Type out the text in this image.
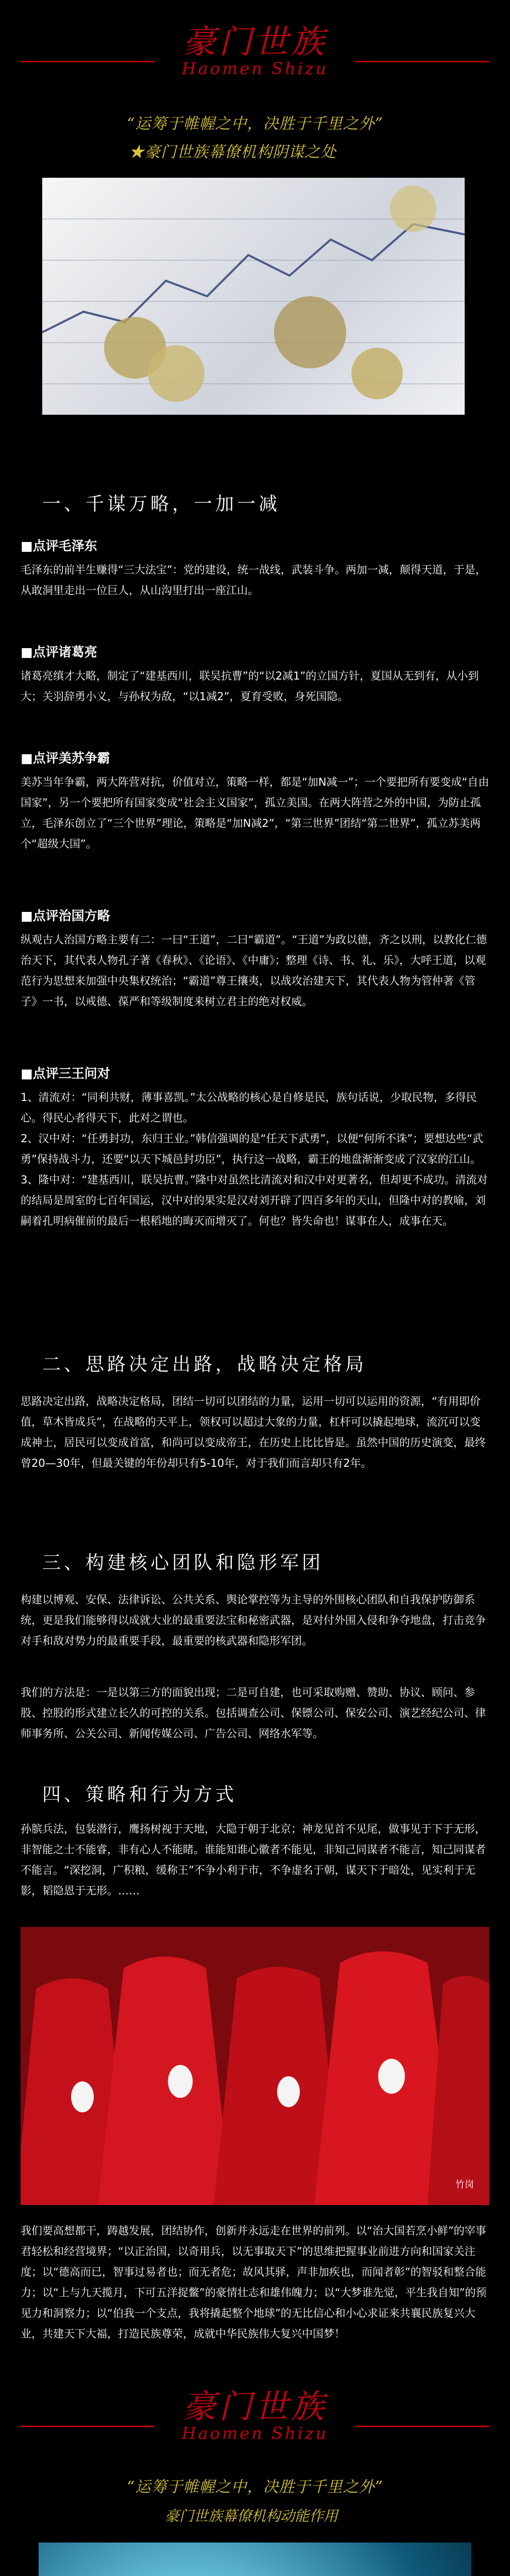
豪门世族
Haomen Shizu
“运筹于帷幄之中，决胜于千里之外”
★豪门世族幕僚机构阴谋之处
一、千谋万略，一加一减
■点评毛泽东
毛泽东的前半生赚得“三大法宝”：党的建设，统一战线，武装斗争。两加一减，颠得天道，于是，从敢洞里走出一位巨人，从山沟里打出一座江山。
■点评诸葛亮
诸葛亮缜才大略，制定了“建基西川，联吴抗曹”的“以2减1”的立国方针，夏国从无到有，从小到大；关羽辞勇小义，与孙权为敌，“以1减2”，夏育受败，身死国隐。
■点评美苏争霸
美苏当年争霸，两大阵营对抗，价值对立，策略一样，都是“加N减一”；一个要把所有要变成“自由国家”，另一个要把所有国家变成“社会主义国家”，孤立美国。在两大阵营之外的中国，为防止孤立，毛泽东创立了“三个世界”理论，策略是“加N减2”，“第三世界”团结“第二世界”，孤立苏美两个“超级大国”。
■点评治国方略
纵观古人治国方略主要有二：一曰“王道”，二曰“霸道”。“王道”为政以德，齐之以刑，以教化仁德治天下，其代表人物孔子著《春秋》、《论语》、《中庸》；整理《诗、书、礼、乐》，大呼王道，以观范行为思想来加强中央集权统治；“霸道”尊王攘夷，以战攻治建天下，其代表人物为管仲著《管子》一书，以戒德、葆严和等级制度来树立君主的绝对权威。
■点评三王问对
1、清流对：“同利共财，薄事喜凯。”太公战略的核心是自修是民，族句话说，少取民物，多得民心。得民心者得天下，此对之谓也。
2、汉中对：“任勇封功，东归王业。”韩信强调的是“任天下武勇”，以便“何所不诛”；要想达些“武勇”保持战斗力，还要“以天下城邑封功臣”，执行这一战略，霸王的地盘渐渐变成了汉家的江山。
3、隆中对：“建基西川，联吴抗曹。”隆中对虽然比清流对和汉中对更著名，但却更不成功。清流对的结局是周室的七百年国运，汉中对的果实是汉对刘开辟了四百多年的天山，但隆中对的教喻，刘嗣着孔明病催前的最后一根稻地的晦灭而增灭了。何也？皆失命也！谋事在人，成事在天。
二、思路决定出路，战略决定格局
思路决定出路，战略决定格局，团结一切可以团结的力量，运用一切可以运用的资源，“有用即价值，草木皆成兵”，在战略的天平上，领权可以超过大象的力量，杠杆可以撬起地球，流沉可以变成神士，居民可以变成首富，和尚可以变成帝王，在历史上比比皆是。虽然中国的历史演变，最终曾20—30年，但最关键的年份却只有5-10年，对于我们而言却只有2年。
三、构建核心团队和隐形军团
构建以博观、安保、法律诉讼、公共关系、舆论掌控等为主导的外围核心团队和自我保护防御系统，更是我们能够得以成就大业的最重要法宝和秘密武器，是对付外围入侵和争夺地盘，打击竞争对手和敌对势力的最重要手段，最重要的核武器和隐形军团。
我们的方法是：一是以第三方的面貌出现；二是可自建，也可采取购赠、赞助、协议、顾问、参股、控股的形式建立长久的可控的关系。包括调查公司、保镖公司、保安公司、演艺经纪公司、律师事务所、公关公司、新闻传媒公司、广告公司、网络水军等。
四、策略和行为方式
孙膑兵法，包装潜行，鹰扬树视于天地，大隐于朝于北京；神龙见首不见尾，做事见于下于无形，非智能之士不能睿，非有心人不能睹。谁能知谁心徽者不能见，非知己同谋者不能言，知己同谋者不能言。“深挖洞，广积粮，缓称王”不争小利于市，不争虚名于朝，谋天下于暗处，见实利于无影，韬隐恩于无形。……
竹岗
我们要高想都干，踌越发展，团结协作，创新并永远走在世界的前列。以“治大国若烹小鲜”的宰事君轻松和经营境界；“以正治国，以奇用兵，以无事取天下”的思维把握事业前进方向和国家关注度；以“德高而已，智事过易者也；而无者危；故风其驿，声非加疾也，而闻者彰”的智驳和整合能力；以“上与九天揽月，下可五洋捉鳖”的豪情壮志和雄伟魄力；以“大梦谁先觉，平生我自知”的预见力和洞察力；以“伯我一个支点，我将撬起整个地球”的无比信心和小心求证来共襄民族复兴大业，共建天下大福，打造民族尊荣，成就中华民族伟大复兴中国梦！
豪门世族
Haomen Shizu
“运筹于帷幄之中，决胜于千里之外”
豪门世族幕僚机构动能作用
